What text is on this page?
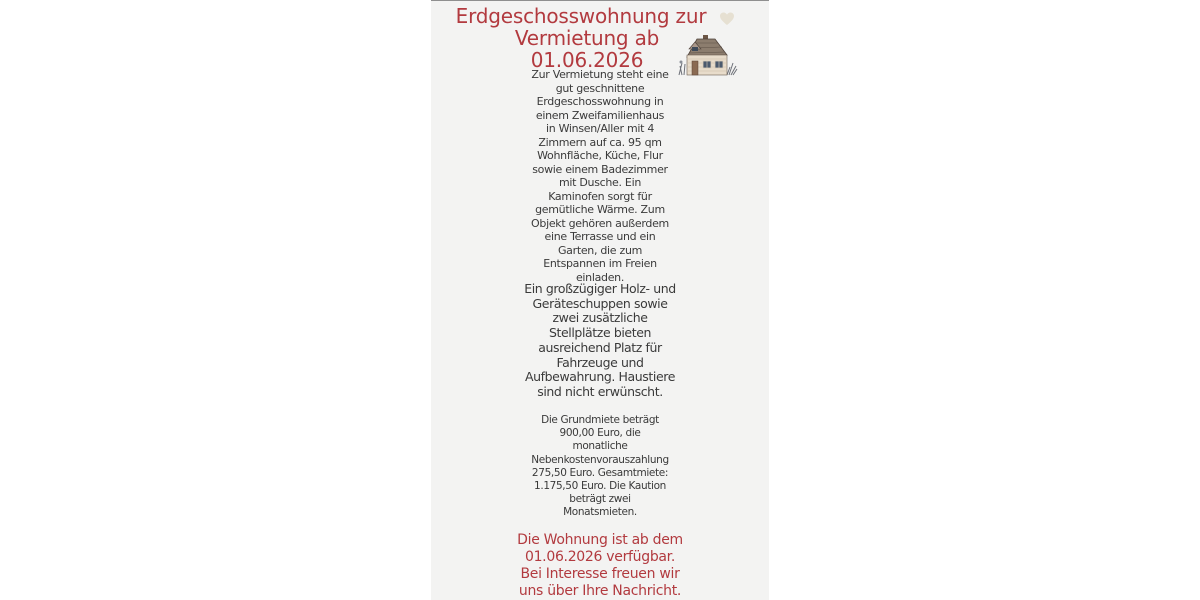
Erdgeschosswohnung zur
Vermietung ab
01.06.2026
Zur Vermietung steht eine gut geschnittene Erdgeschosswohnung in einem Zweifamilienhaus in Winsen/Aller mit 4 Zimmern auf ca. 95 qm Wohnfläche, Küche, Flur sowie einem Badezimmer mit Dusche. Ein Kaminofen sorgt für gemütliche Wärme. Zum Objekt gehören außerdem eine Terrasse und ein Garten, die zum Entspannen im Freien einladen.
Ein großzügiger Holz- und Geräteschuppen sowie zwei zusätzliche Stellplätze bieten ausreichend Platz für Fahrzeuge und Aufbewahrung. Haustiere sind nicht erwünscht.
Die Grundmiete beträgt 900,00 Euro, die monatliche Nebenkostenvorauszahlung 275,50 Euro. Gesamtmiete: 1.175,50 Euro. Die Kaution beträgt zwei Monatsmieten.
Die Wohnung ist ab dem 01.06.2026 verfügbar. Bei Interesse freuen wir uns über Ihre Nachricht.
